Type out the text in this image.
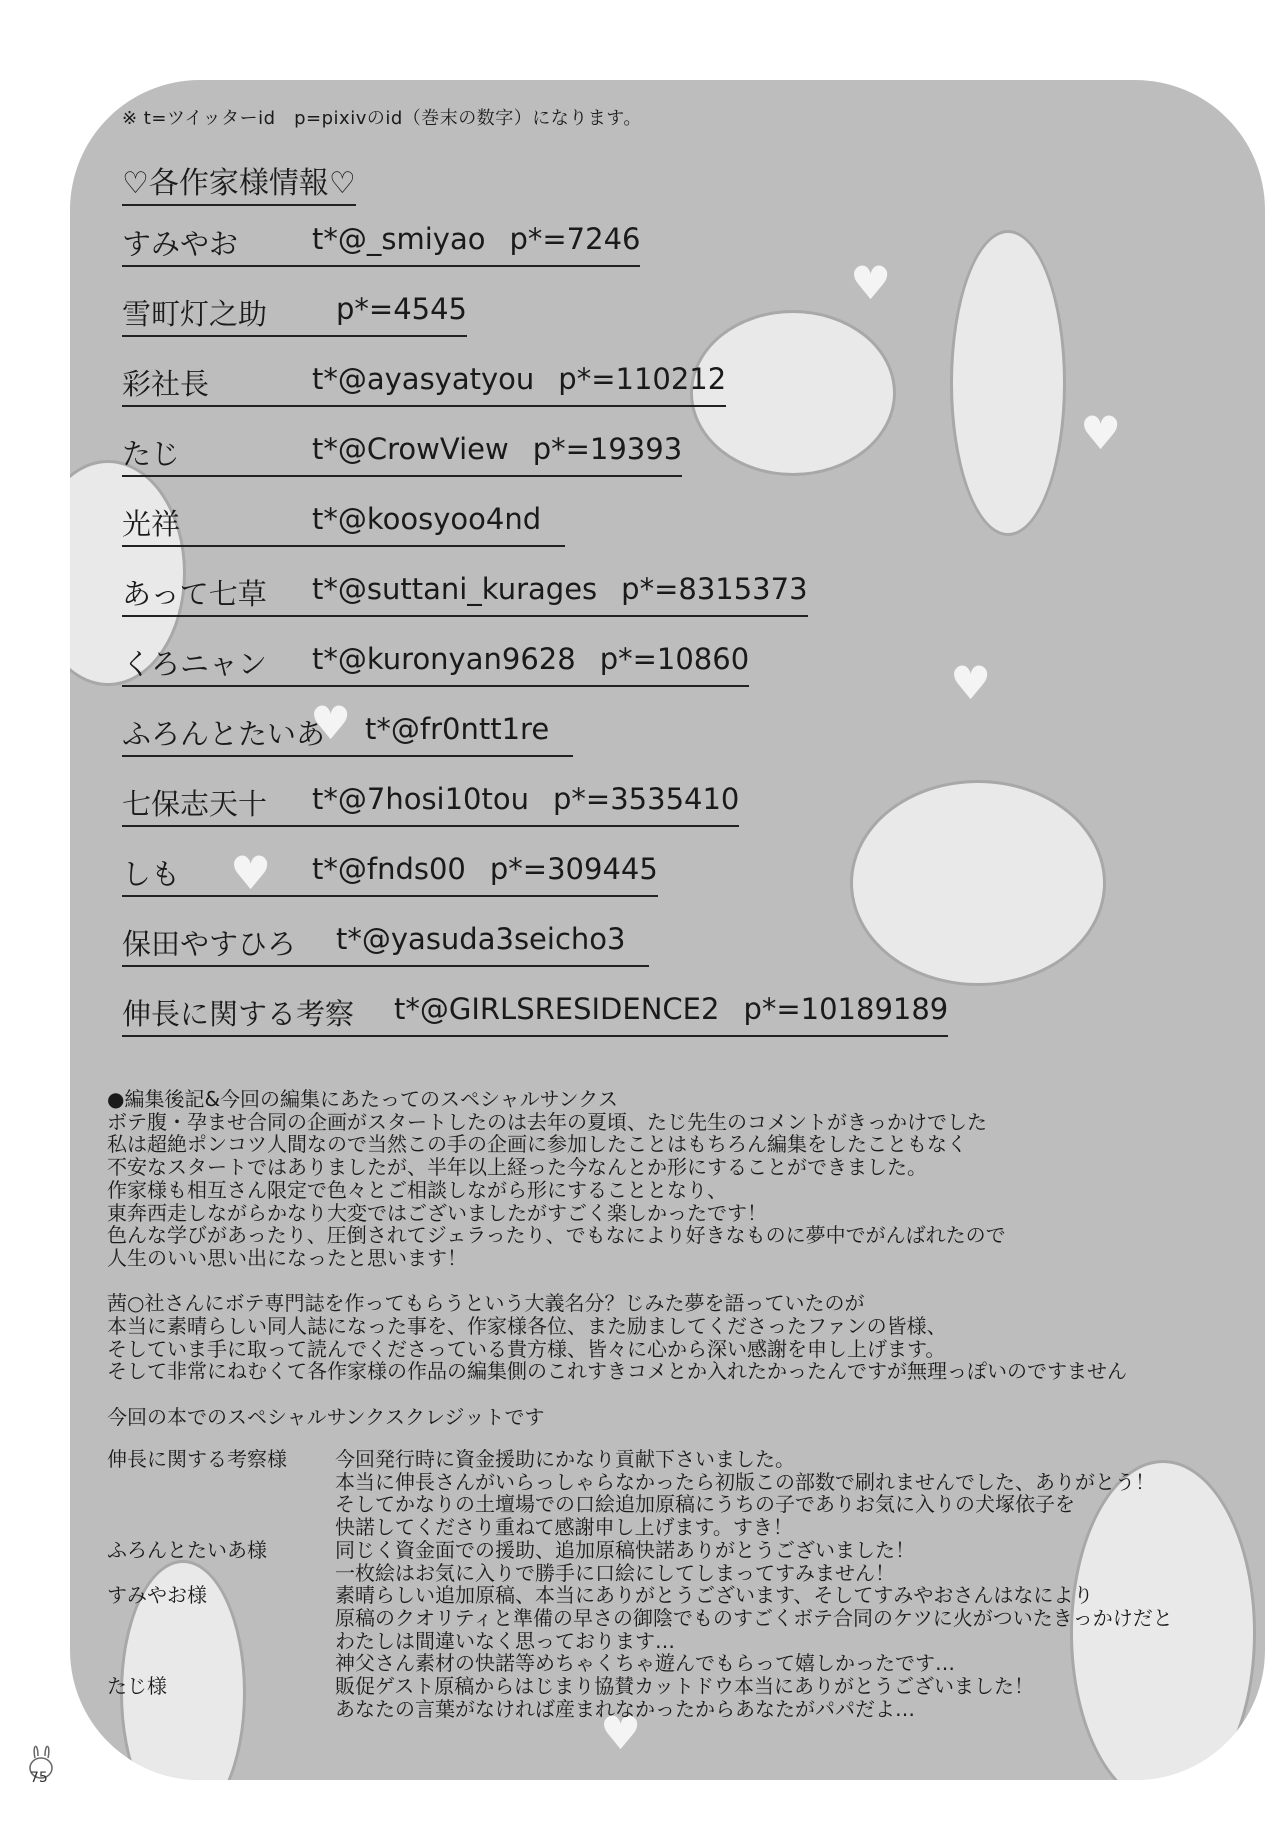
♥
♥
♥
♥
♥
♥
※ t=ツイッターid　p=pixivのid（巻末の数字）になります。
♡各作家様情報♡
すみやお	t*@_smiyao p*=7246
雪町灯之助 p*=4545
彩社長	t*@ayasyatyou p*=110212
たじ	t*@CrowView p*=19393
光祥	t*@koosyoo4nd
あって七草 t*@suttani_kurages p*=8315373
くろニャン t*@kuronyan9628 p*=10860
ふろんとたいあ t*@fr0ntt1re
七保志天十 t*@7hosi10tou p*=3535410
しも	t*@fnds00 p*=309445
保田やすひろ t*@yasuda3seicho3
伸長に関する考察 t*@GIRLSRESIDENCE2 p*=10189189
●編集後記&今回の編集にあたってのスペシャルサンクス
ボテ腹・孕ませ合同の企画がスタートしたのは去年の夏頃、たじ先生のコメントがきっかけでした
私は超絶ポンコツ人間なので当然この手の企画に参加したことはもちろん編集をしたこともなく
不安なスタートではありましたが、半年以上経った今なんとか形にすることができました。
作家様も相互さん限定で色々とご相談しながら形にすることとなり、
東奔西走しながらかなり大変ではございましたがすごく楽しかったです！
色んな学びがあったり、圧倒されてジェラったり、でもなにより好きなものに夢中でがんばれたので
人生のいい思い出になったと思います！
茜○社さんにボテ専門誌を作ってもらうという大義名分？じみた夢を語っていたのが
本当に素晴らしい同人誌になった事を、作家様各位、また励ましてくださったファンの皆様、
そしていま手に取って読んでくださっている貴方様、皆々に心から深い感謝を申し上げます。
そして非常にねむくて各作家様の作品の編集側のこれすきコメとか入れたかったんですが無理っぽいのですません
今回の本でのスペシャルサンクスクレジットです
伸長に関する考察様	今回発行時に資金援助にかなり貢献下さいました。
本当に伸長さんがいらっしゃらなかったら初版この部数で刷れませんでした、ありがとう！
そしてかなりの土壇場での口絵追加原稿にうちの子でありお気に入りの犬塚依子を
快諾してくださり重ねて感謝申し上げます。すき！
ふろんとたいあ様	同じく資金面での援助、追加原稿快諾ありがとうございました！
一枚絵はお気に入りで勝手に口絵にしてしまってすみません！
すみやお様	素晴らしい追加原稿、本当にありがとうございます、そしてすみやおさんはなにより
原稿のクオリティと準備の早さの御陰でものすごくボテ合同のケツに火がついたきっかけだと
わたしは間違いなく思っております…
神父さん素材の快諾等めちゃくちゃ遊んでもらって嬉しかったです…
たじ様	販促ゲスト原稿からはじまり協賛カットドウ本当にありがとうございました！
あなたの言葉がなければ産まれなかったからあなたがパパだよ…
75
